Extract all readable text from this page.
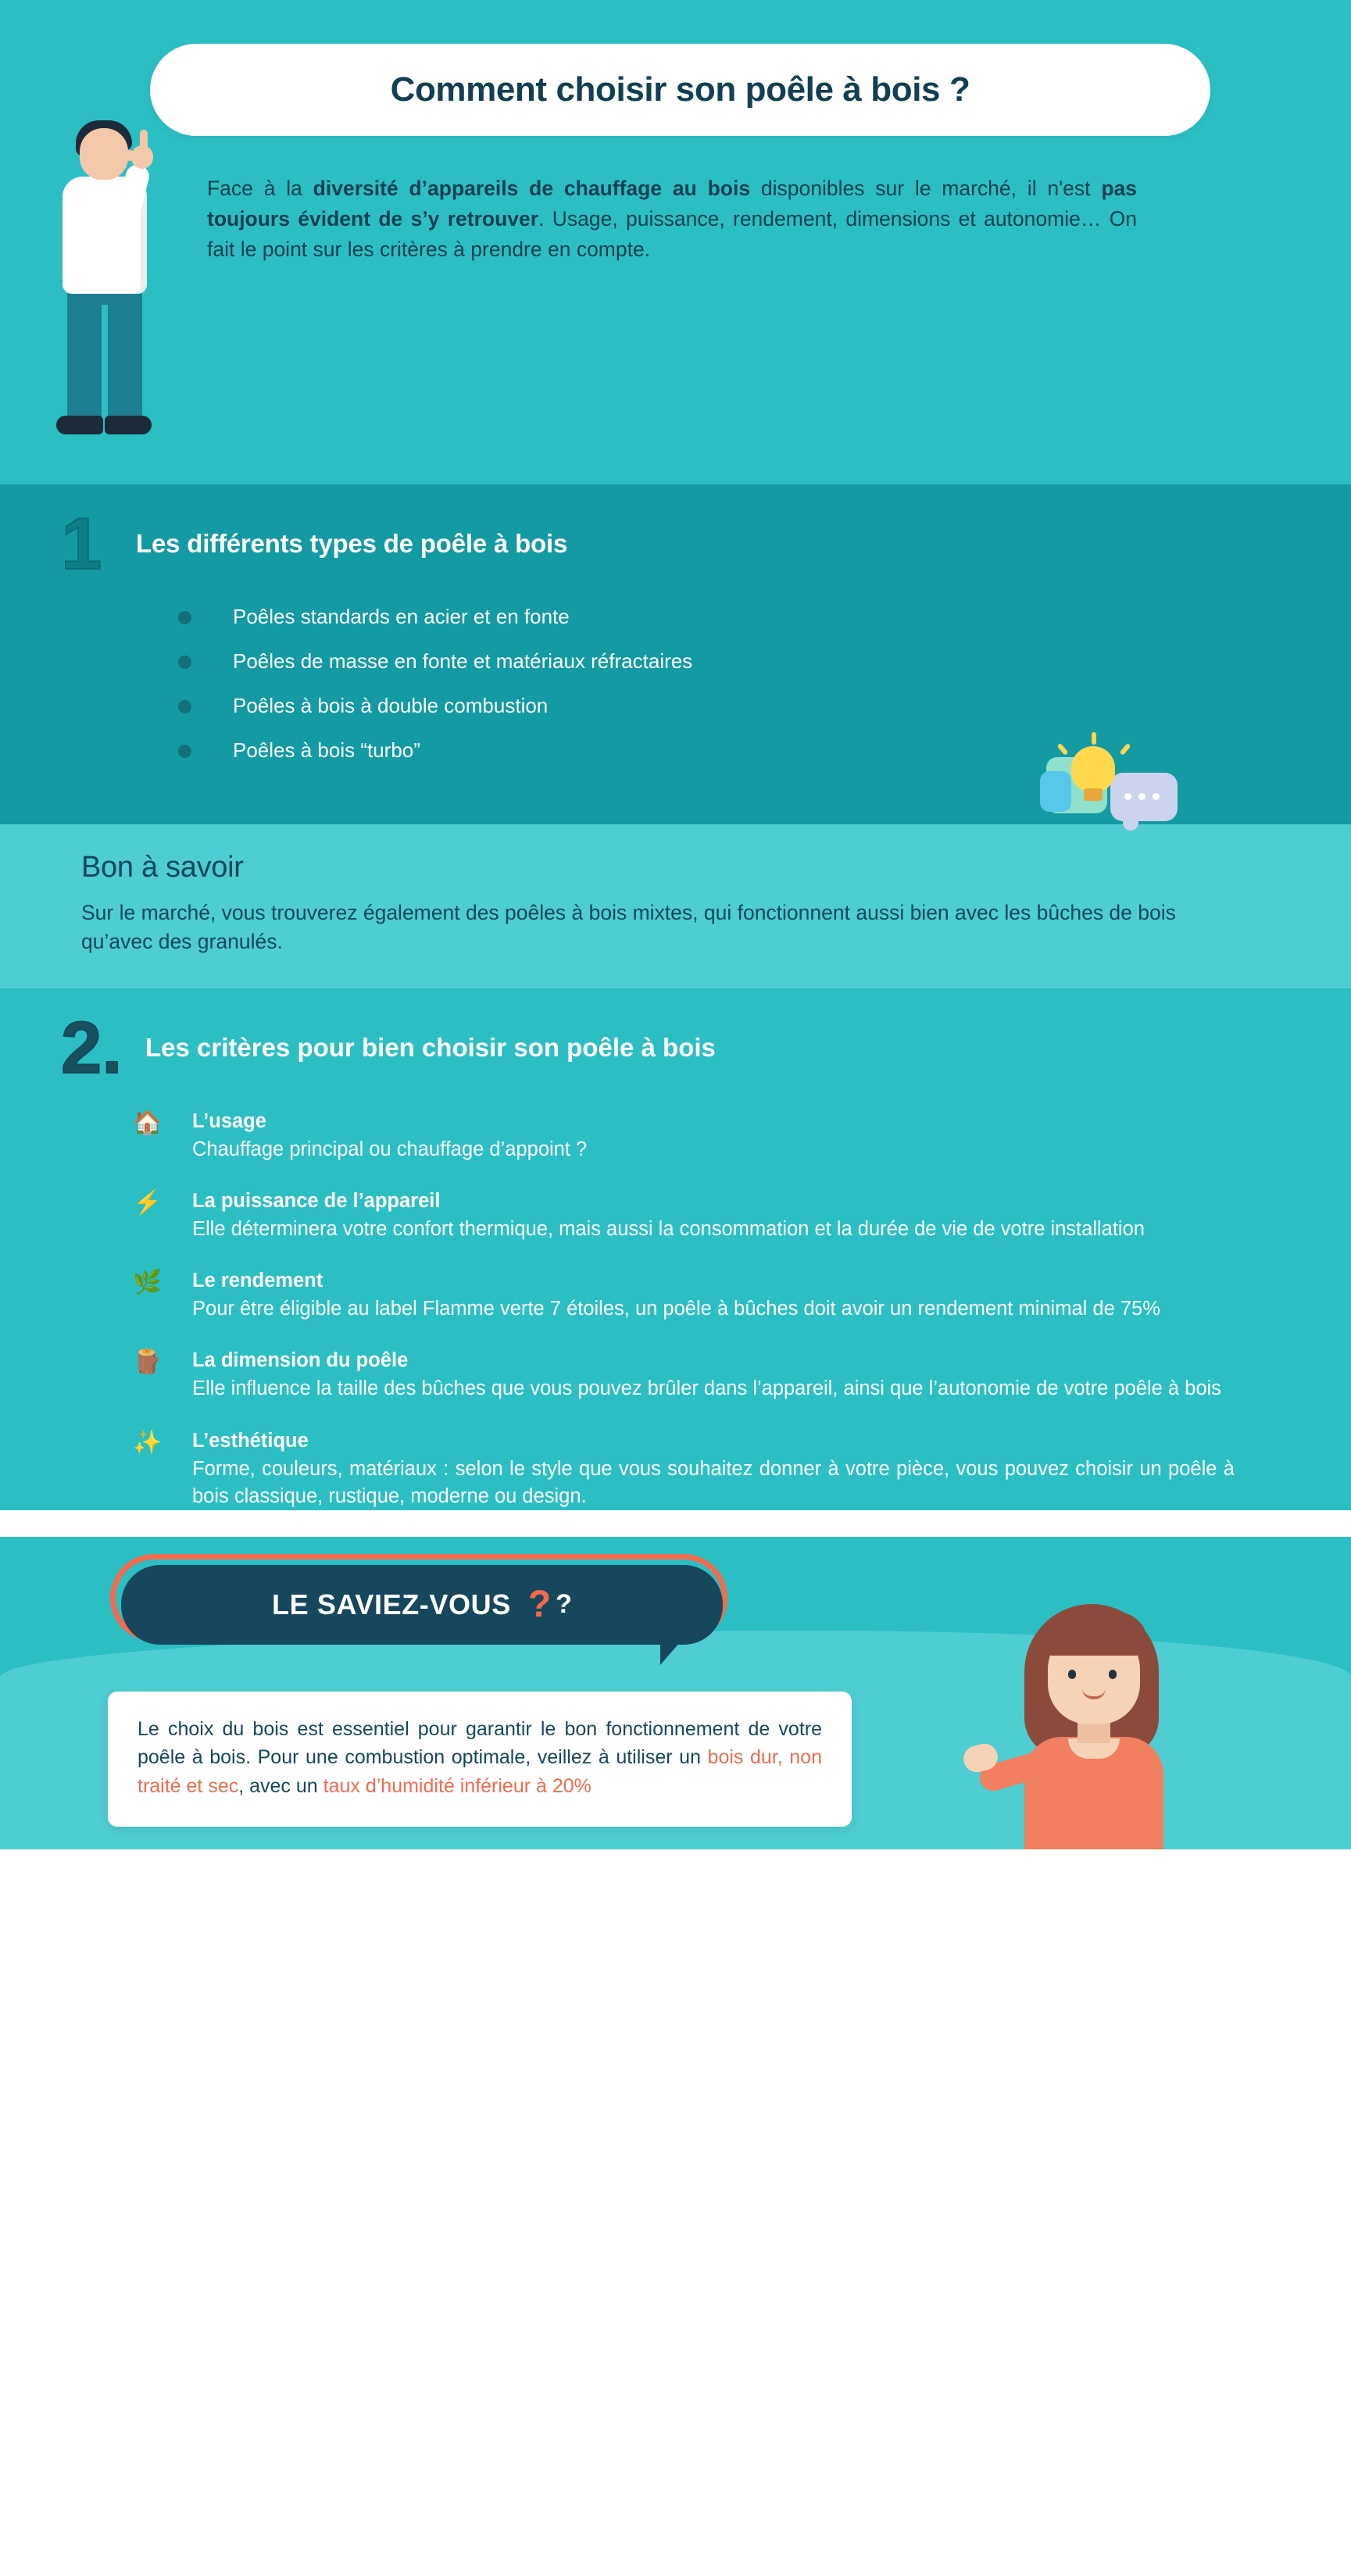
Comment choisir son poêle à bois ?

Face à la diversité d’appareils de chauffage au bois disponibles sur le marché, il n'est pas toujours évident de s’y retrouver. Usage, puissance, rendement, dimensions et autonomie… On fait le point sur les critères à prendre en compte.

1	Les différents types de poêle à bois
Poêles standards en acier et en fonte
Poêles de masse en fonte et matériaux réfractaires
Poêles à bois à double combustion
Poêles à bois “turbo”
Bon à savoir

Sur le marché, vous trouverez également des poêles à bois mixtes, qui fonctionnent aussi bien avec les bûches de bois qu’avec des granulés.

2. Les critères pour bien choisir son poêle à bois
🏠	L’usage
Chauffage principal ou chauffage d’appoint ?
⚡	La puissance de l’appareil
Elle déterminera votre confort thermique, mais aussi la consommation et la durée de vie de votre installation
🌿	Le rendement
Pour être éligible au label Flamme verte 7 étoiles, un poêle à bûches doit avoir un rendement minimal de 75%
🪵	La dimension du poêle
Elle influence la taille des bûches que vous pouvez brûler dans l’appareil, ainsi que l’autonomie de votre poêle à bois
✨	L’esthétique
Forme, couleurs, matériaux : selon le style que vous souhaitez donner à votre pièce, vous pouvez choisir un poêle à bois classique, rustique, moderne ou design.
LE SAVIEZ-VOUS ? ?

Le choix du bois est essentiel pour garantir le bon fonctionnement de votre poêle à bois. Pour une combustion optimale, veillez à utiliser un bois dur, non traité et sec, avec un taux d’humidité inférieur à 20%
